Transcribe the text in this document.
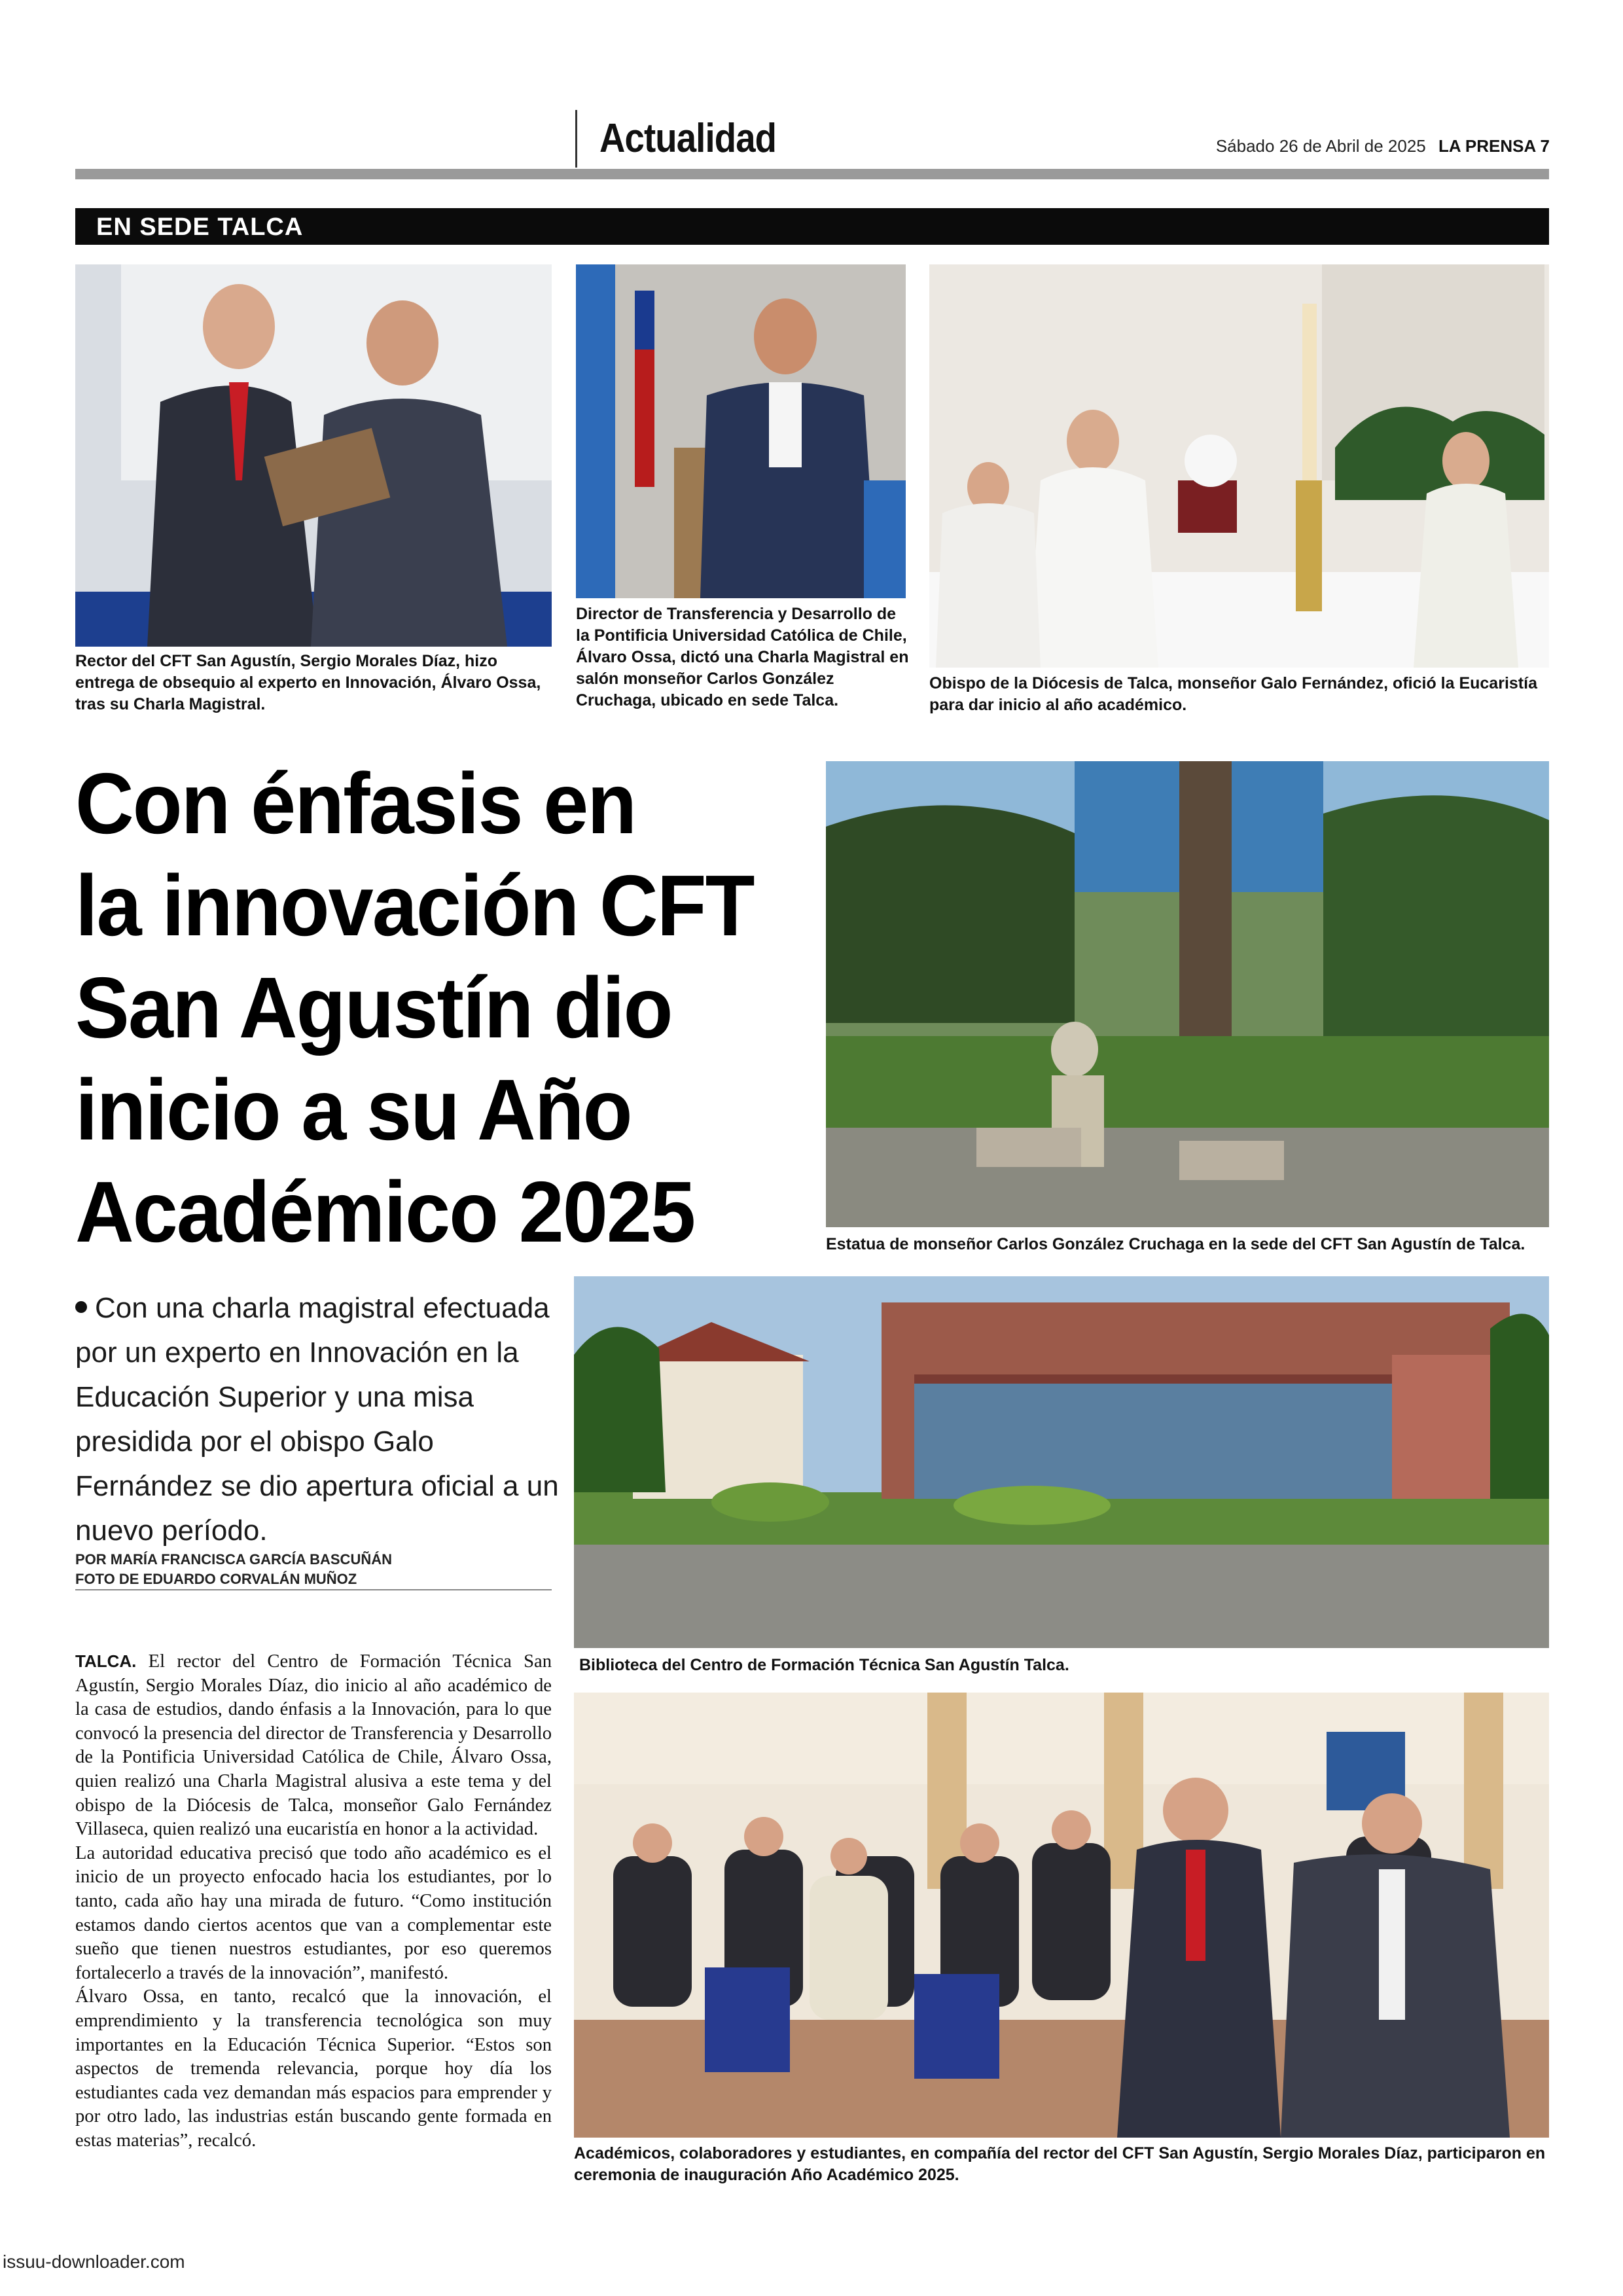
Actualidad	Sábado 26 de Abril de 2025 LA PRENSA 7
EN SEDE TALCA
Rector del CFT San Agustín, Sergio Morales Díaz, hizo entrega de obsequio al experto en Innovación, Álvaro Ossa, tras su Charla Magistral.
Director de Transferencia y Desarrollo de la Pontificia Universidad Católica de Chile, Álvaro Ossa, dictó una Charla Magistral en salón monseñor Carlos González Cruchaga, ubicado en sede Talca.
Obispo de la Diócesis de Talca, monseñor Galo Fernández, ofició la Eucaristía para dar inicio al año académico.
Con énfasis en
la innovación CFT
San Agustín dio
inicio a su Año
Académico 2025	Estatua de monseñor Carlos González Cruchaga en la sede del CFT San Agustín de Talca.
Con una charla magistral efectuada por un experto en Innovación en la Educación Superior y una misa presidida por el obispo Galo Fernández se dio apertura oficial a un nuevo período.
POR MARÍA FRANCISCA GARCÍA BASCUÑÁN
FOTO DE EDUARDO CORVALÁN MUÑOZ
Biblioteca del Centro de Formación Técnica San Agustín Talca.

TALCA. El rector del Centro de Formación Técnica San Agustín, Sergio Morales Díaz, dio inicio al año académico de la casa de estudios, dando énfasis a la Innovación, para lo que convocó la presencia del director de Transferencia y Desarrollo de la Pontificia Universidad Católica de Chile, Álvaro Ossa, quien realizó una Charla Magistral alusiva a este tema y del obispo de la Diócesis de Talca, monseñor Galo Fernández Villaseca, quien realizó una eucaristía en honor a la actividad.

La autoridad educativa precisó que todo año académico es el inicio de un proyecto enfocado hacia los estudiantes, por lo tanto, cada año hay una mirada de futuro. “Como institución estamos dando ciertos acentos que van a complementar este sueño que tienen nuestros estudiantes, por eso queremos fortalecerlo a través de la innovación”, manifestó.

Álvaro Ossa, en tanto, recalcó que la innovación, el emprendimiento y la transferencia tecnológica son muy importantes en la Educación Técnica Superior. “Estos son aspectos de tremenda relevancia, porque hoy día los estudiantes cada vez demandan más espacios para emprender y por otro lado, las industrias están buscando gente formada en estas materias”, recalcó.

Académicos, colaboradores y estudiantes, en compañía del rector del CFT San Agustín, Sergio Morales Díaz, participaron en ceremonia de inauguración Año Académico 2025.
issuu-downloader.com
